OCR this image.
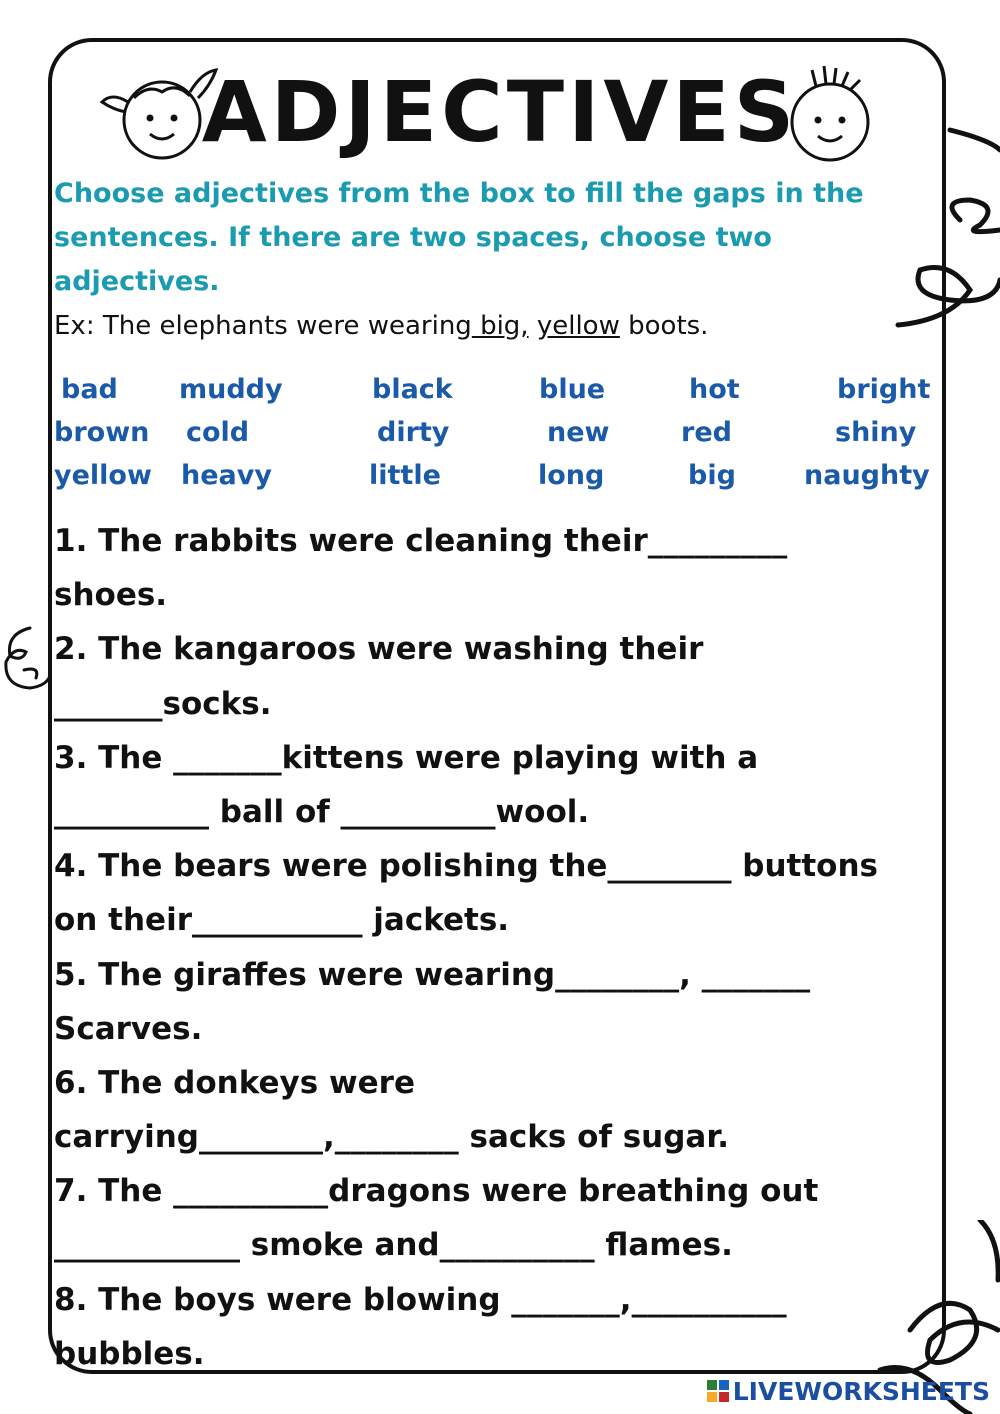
ADJECTIVES
Choose adjectives from the box to fill the gaps in the sentences. If there are two spaces, choose two adjectives.
Ex: The elephants were wearing big, yellow boots.
bad muddy	black	blue	hot	bright
brown cold	dirty	new	red	shiny
yellow heavy	little	long	big	naughty
1. The rabbits were cleaning their_________
shoes.
2. The kangaroos were washing their
_______socks.
3. The _______kittens were playing with a
__________ ball of __________wool.
4. The bears were polishing the________ buttons
on their___________ jackets.
5. The giraffes were wearing________, _______
Scarves.
6. The donkeys were
carrying________,________ sacks of sugar.
7. The __________dragons were breathing out
____________ smoke and__________ flames.
8. The boys were blowing _______,__________
bubbles.
LIVEWORKSHEETS
